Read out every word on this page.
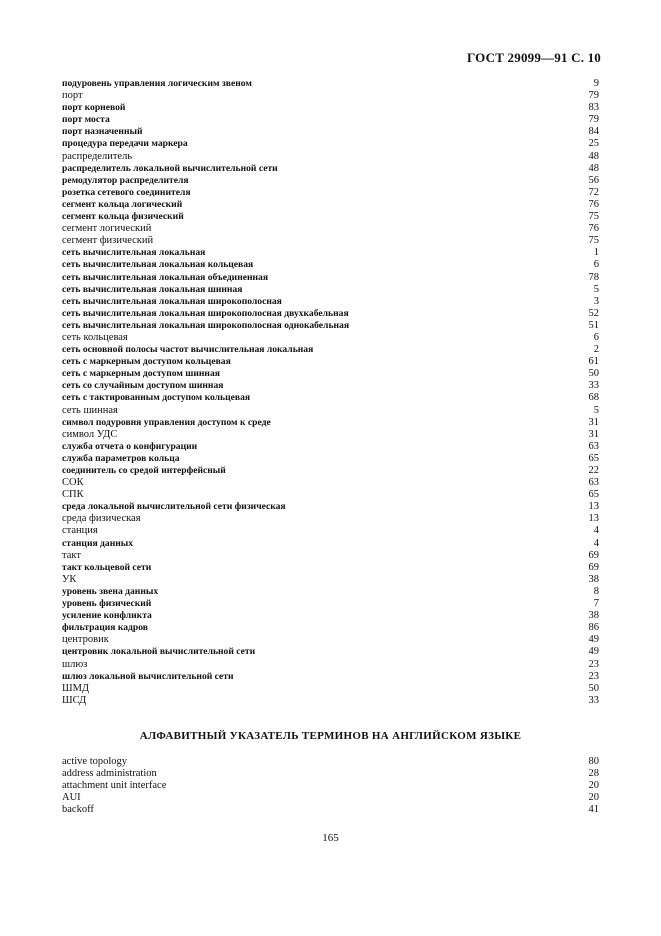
ГОСТ 29099—91 С. 10
подуровень управления логическим звеном	9
порт	79
порт корневой	83
порт моста	79
порт назначенный	84
процедура передачи маркера	25
распределитель	48
распределитель локальной вычислительной сети	48
ремодулятор распределителя	56
розетка сетевого соединителя	72
сегмент кольца логический	76
сегмент кольца физический	75
сегмент логический	76
сегмент физический	75
сеть вычислительная локальная	1
сеть вычислительная локальная кольцевая	6
сеть вычислительная локальная объединенная	78
сеть вычислительная локальная шинная	5
сеть вычислительная локальная широкополосная	3
сеть вычислительная локальная широкополосная двухкабельная	52
сеть вычислительная локальная широкополосная однокабельная	51
сеть кольцевая	6
сеть основной полосы частот вычислительная локальная	2
сеть с маркерным доступом кольцевая	61
сеть с маркерным доступом шинная	50
сеть со случайным доступом шинная	33
сеть с тактированным доступом кольцевая	68
сеть шинная	5
символ подуровня управления доступом к среде	31
символ УДС	31
служба отчета о конфигурации	63
служба параметров кольца	65
соединитель со средой интерфейсный	22
СОК	63
СПК	65
среда локальной вычислительной сети физическая	13
среда физическая	13
станция	4
станция данных	4
такт	69
такт кольцевой сети	69
УК	38
уровень звена данных	8
уровень физический	7
усиление конфликта	38
фильтрация кадров	86
центровик	49
центровик локальной вычислительной сети	49
шлюз	23
шлюз локальной вычислительной сети	23
ШМД	50
ШСД	33
АЛФАВИТНЫЙ УКАЗАТЕЛЬ ТЕРМИНОВ НА АНГЛИЙСКОМ ЯЗЫКЕ
active topology	80
address administration	28
attachment unit interface	20
AUI	20
backoff	41
165
